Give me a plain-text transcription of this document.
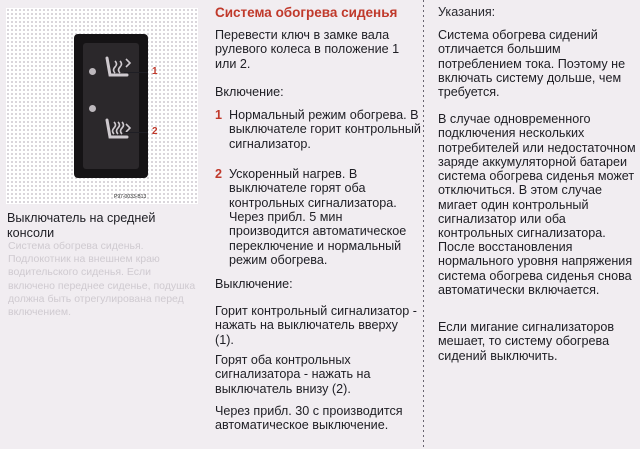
1
2
P97-0033-B13
Выключатель на средней консоли
Система обогрева сиденья. Подлокотник на внешнем краю водительского сиденья. Если включено переднее сиденье, подушка должна быть отрегулирована перед включением.
Система обогрева сиденья
Перевести ключ в замке вала рулевого колеса в положение 1 или 2.
Включение:
1 Нормальный режим обогрева. В выключателе горит контрольный сигнализатор.
2 Ускоренный нагрев. В выключателе горят оба контрольных сигнализатора.
Через прибл. 5 мин производится автоматическое переключение и нормальный режим обогрева.
Выключение:
Горит контрольный сигнализатор - нажать на выключатель вверху (1).
Горят оба контрольных сигнализатора - нажать на выключатель внизу (2).
Через прибл. 30 с производится автоматическое выключение.
Указания:
Система обогрева сидений отличается большим потреблением тока. Поэтому не включать систему дольше, чем требуется.
В случае одновременного подключения нескольких потребителей или недостаточном заряде аккумуляторной батареи система обогрева сиденья может отключиться. В этом случае мигает один контрольный сигнализатор или оба контрольных сигнализатора.
После восстановления нормального уровня напряжения система обогрева сиденья снова автоматически включается.
Если мигание сигнализаторов мешает, то систему обогрева сидений выключить.
